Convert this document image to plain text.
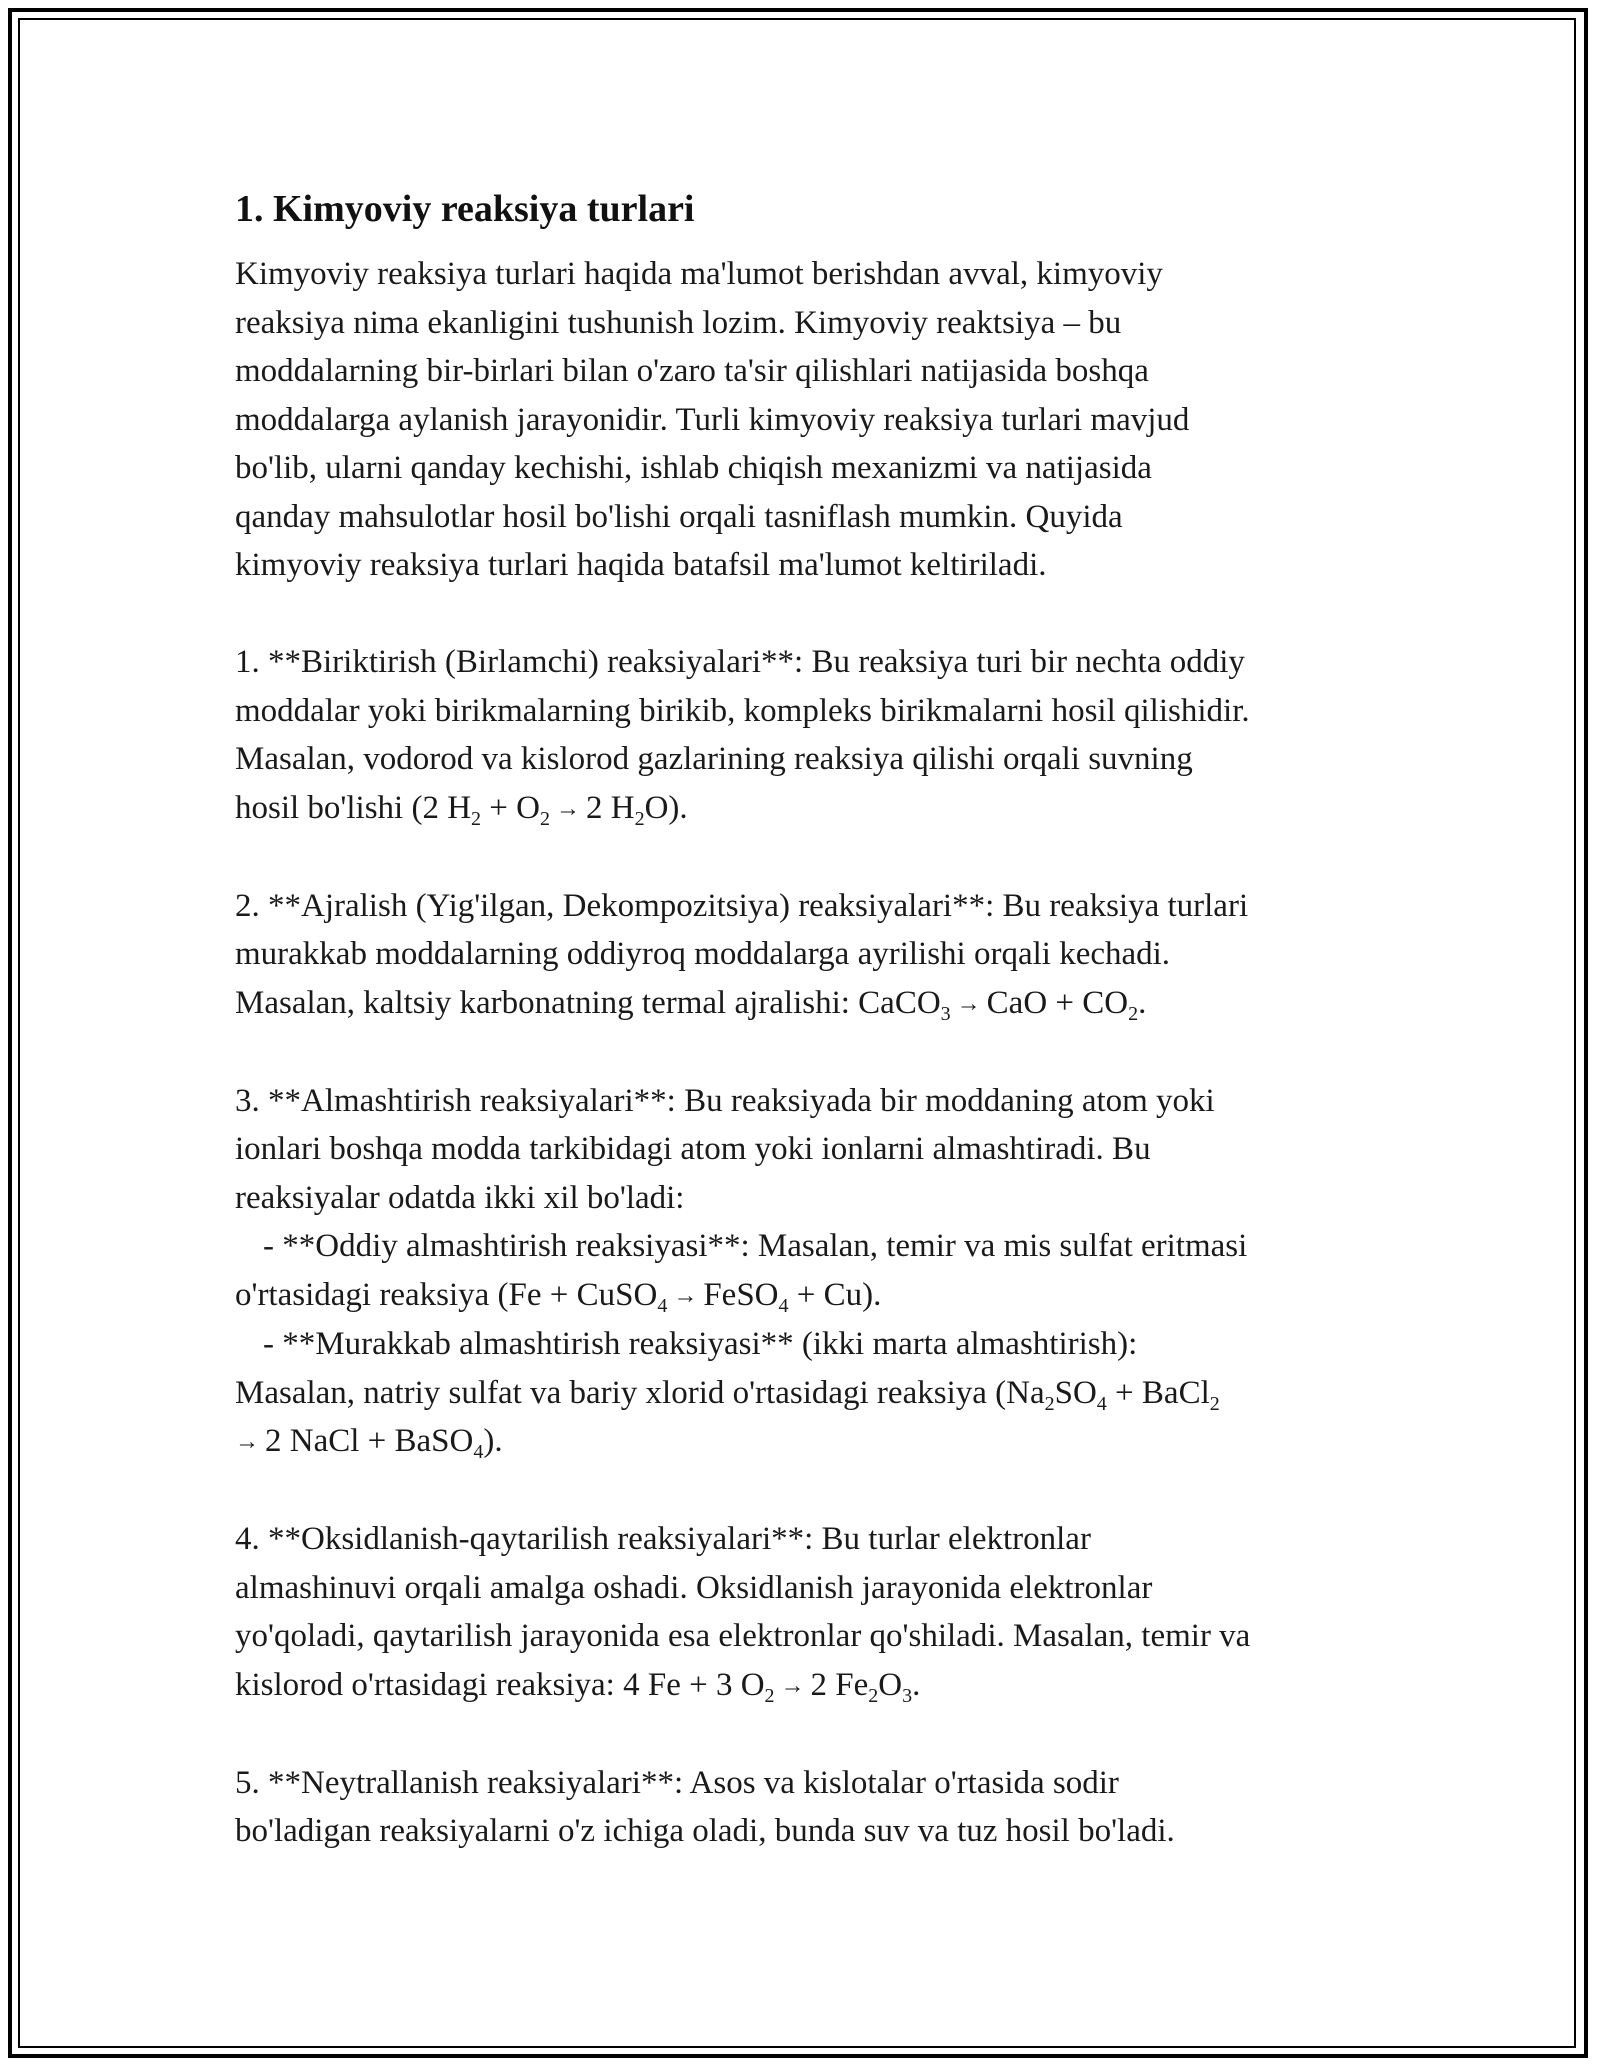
1. Kimyoviy reaksiya turlari

Kimyoviy reaksiya turlari haqida ma'lumot berishdan avval, kimyoviy
reaksiya nima ekanligini tushunish lozim. Kimyoviy reaktsiya – bu
moddalarning bir-birlari bilan o'zaro ta'sir qilishlari natijasida boshqa
moddalarga aylanish jarayonidir. Turli kimyoviy reaksiya turlari mavjud
bo'lib, ularni qanday kechishi, ishlab chiqish mexanizmi va natijasida
qanday mahsulotlar hosil bo'lishi orqali tasniflash mumkin. Quyida
kimyoviy reaksiya turlari haqida batafsil ma'lumot keltiriladi.

1. **Biriktirish (Birlamchi) reaksiyalari**: Bu reaksiya turi bir nechta oddiy
moddalar yoki birikmalarning birikib, kompleks birikmalarni hosil qilishidir.
Masalan, vodorod va kislorod gazlarining reaksiya qilishi orqali suvning
hosil bo'lishi (2 $H_2 + O_2 \to 2$ $H_2O$).

2. **Ajralish (Yig'ilgan, Dekompozitsiya) reaksiyalari**: Bu reaksiya turlari
murakkab moddalarning oddiyroq moddalarga ayrilishi orqali kechadi.
Masalan, kaltsiy karbonatning termal ajralishi: CaCO$_3$ → CaO + $CO_2$.

3. **Almashtirish reaksiyalari**: Bu reaksiyada bir moddaning atom yoki
ionlari boshqa modda tarkibidagi atom yoki ionlarni almashtiradi. Bu
reaksiyalar odatda ikki xil bo'ladi:
- **Oddiy almashtirish reaksiyasi**: Masalan, temir va mis sulfat eritmasi
o'rtasidagi reaksiya (Fe + CuSO$_4$ → FeSO$_4$ + Cu).
- **Murakkab almashtirish reaksiyasi** (ikki marta almashtirish):
Masalan, natriy sulfat va bariy xlorid o'rtasidagi reaksiya ($Na_2SO_4$ + BaCl$_2$
→ 2 NaCl + BaSO$_4$).

4. **Oksidlanish-qaytarilish reaksiyalari**: Bu turlar elektronlar
almashinuvi orqali amalga oshadi. Oksidlanish jarayonida elektronlar
yo'qoladi, qaytarilish jarayonida esa elektronlar qo'shiladi. Masalan, temir va
kislorod o'rtasidagi reaksiya: 4 Fe + 3 $O_2 \to 2$ $Fe_2O_3$.

5. **Neytrallanish reaksiyalari**: Asos va kislotalar o'rtasida sodir
bo'ladigan reaksiyalarni o'z ichiga oladi, bunda suv va tuz hosil bo'ladi.
